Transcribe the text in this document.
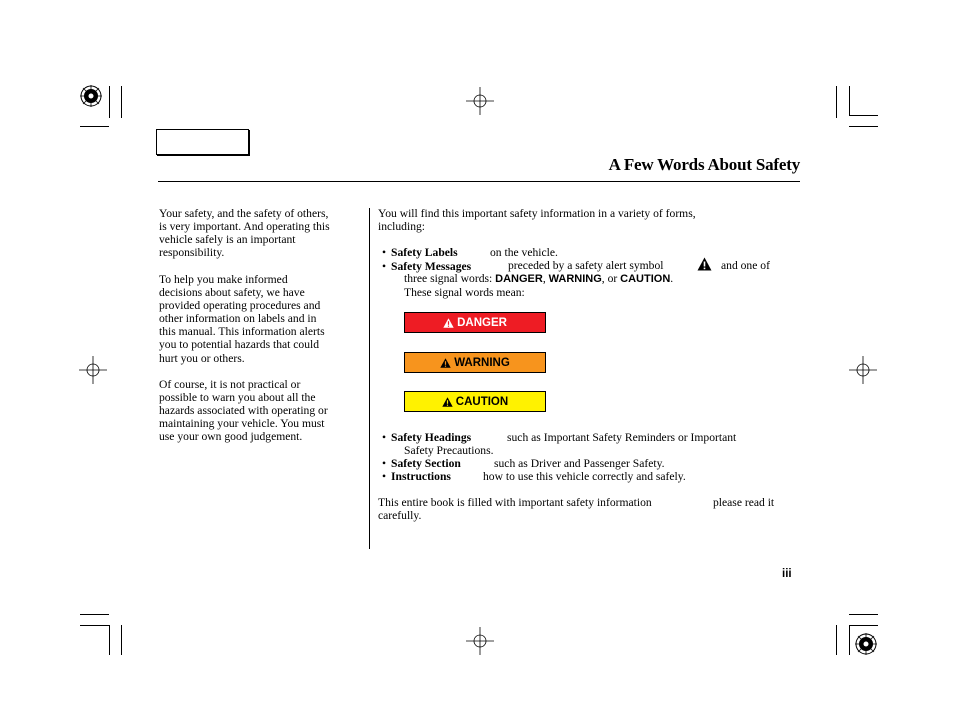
A Few Words About Safety
Your safety, and the safety of others,
is very important. And operating this
vehicle safely is an important
responsibility.
To help you make informed
decisions about safety, we have
provided operating procedures and
other information on labels and in
this manual. This information alerts
you to potential hazards that could
hurt you or others.
Of course, it is not practical or
possible to warn you about all the
hazards associated with operating or
maintaining your vehicle. You must
use your own good judgement.
You will find this important safety information in a variety of forms,
including:
• Safety Labels	on the vehicle.
• Safety Messages	preceded by a safety alert symbol	and one of
three signal words: DANGER, WARNING, or CAUTION.
These signal words mean:
DANGER
WARNING
CAUTION
• Safety Headings	such as Important Safety Reminders or Important
Safety Precautions.
• Safety Section	such as Driver and Passenger Safety.
• Instructions	how to use this vehicle correctly and safely.
This entire book is filled with important safety information	please read it
carefully.
iii
